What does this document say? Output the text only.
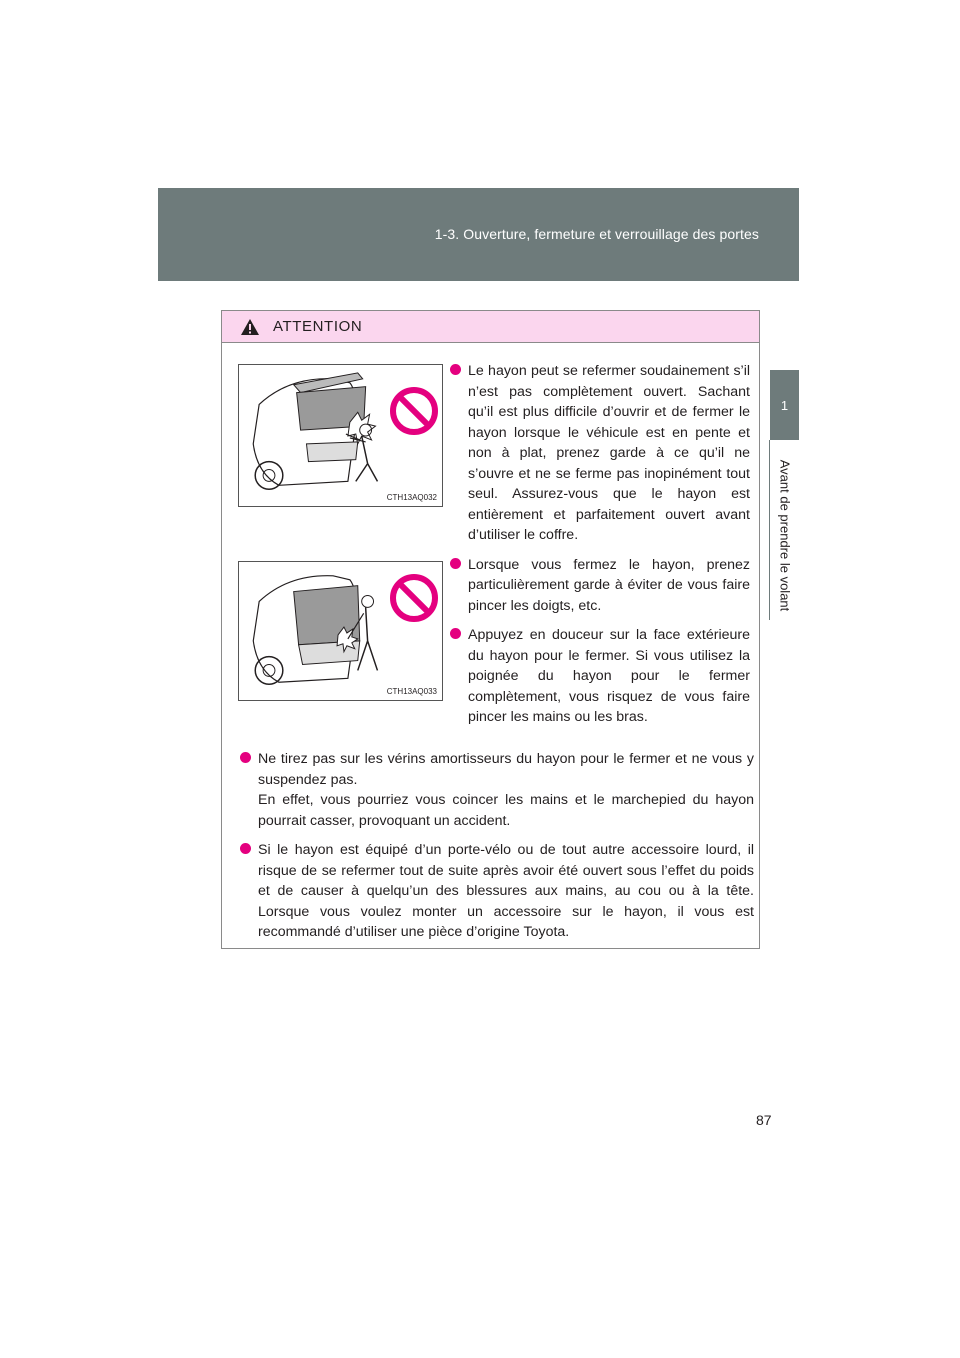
1-3. Ouverture, fermeture et verrouillage des portes
1
Avant de prendre le volant
ATTENTION
CTH13AQ032
CTH13AQ033

Le hayon peut se refermer soudainement s’il n’est pas complètement ouvert. Sachant qu’il est plus difficile d’ouvrir et de fermer le hayon lorsque le véhicule est en pente et non à plat, prenez garde à ce qu’il ne s’ouvre et ne se ferme pas inopinément tout seul. Assurez-vous que le hayon est entièrement et parfaitement ouvert avant d’utiliser le coffre.

Lorsque vous fermez le hayon, prenez particulièrement garde à éviter de vous faire pincer les doigts, etc.

Appuyez en douceur sur la face extérieure du hayon pour le fermer. Si vous utilisez la poignée du hayon pour le fermer complètement, vous risquez de vous faire pincer les mains ou les bras.

Ne tirez pas sur les vérins amortisseurs du hayon pour le fermer et ne vous y suspendez pas.

En effet, vous pourriez vous coincer les mains et le marchepied du hayon pourrait casser, provoquant un accident.

Si le hayon est équipé d’un porte-vélo ou de tout autre accessoire lourd, il risque de se refermer tout de suite après avoir été ouvert sous l’effet du poids et de causer à quelqu’un des blessures aux mains, au cou ou à la tête. Lorsque vous voulez monter un accessoire sur le hayon, il vous est recommandé d’utiliser une pièce d’origine Toyota.

87
